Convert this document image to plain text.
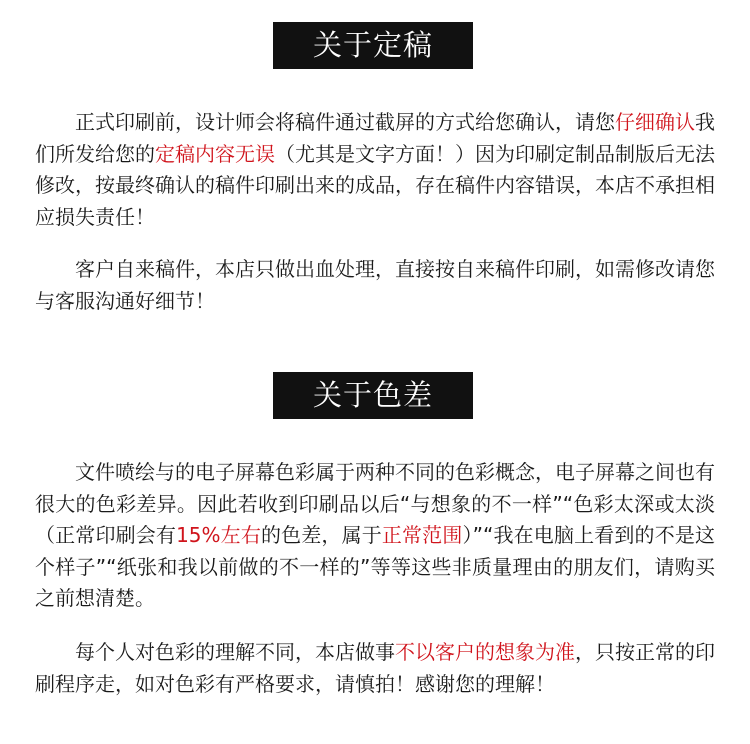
关于定稿

正式印刷前，设计师会将稿件通过截屏的方式给您确认，请您仔细确认我们所发给您的定稿内容无误（尤其是文字方面！）因为印刷定制品制版后无法修改，按最终确认的稿件印刷出来的成品，存在稿件内容错误，本店不承担相应损失责任！

客户自来稿件，本店只做出血处理，直接按自来稿件印刷，如需修改请您与客服沟通好细节！

关于色差

文件喷绘与的电子屏幕色彩属于两种不同的色彩概念，电子屏幕之间也有很大的色彩差异。因此若收到印刷品以后“与想象的不一样”“色彩太深或太淡（正常印刷会有15%左右的色差，属于正常范围）”“我在电脑上看到的不是这个样子”“纸张和我以前做的不一样的”等等这些非质量理由的朋友们，请购买之前想清楚。

每个人对色彩的理解不同，本店做事不以客户的想象为准，只按正常的印刷程序走，如对色彩有严格要求，请慎拍！感谢您的理解！
